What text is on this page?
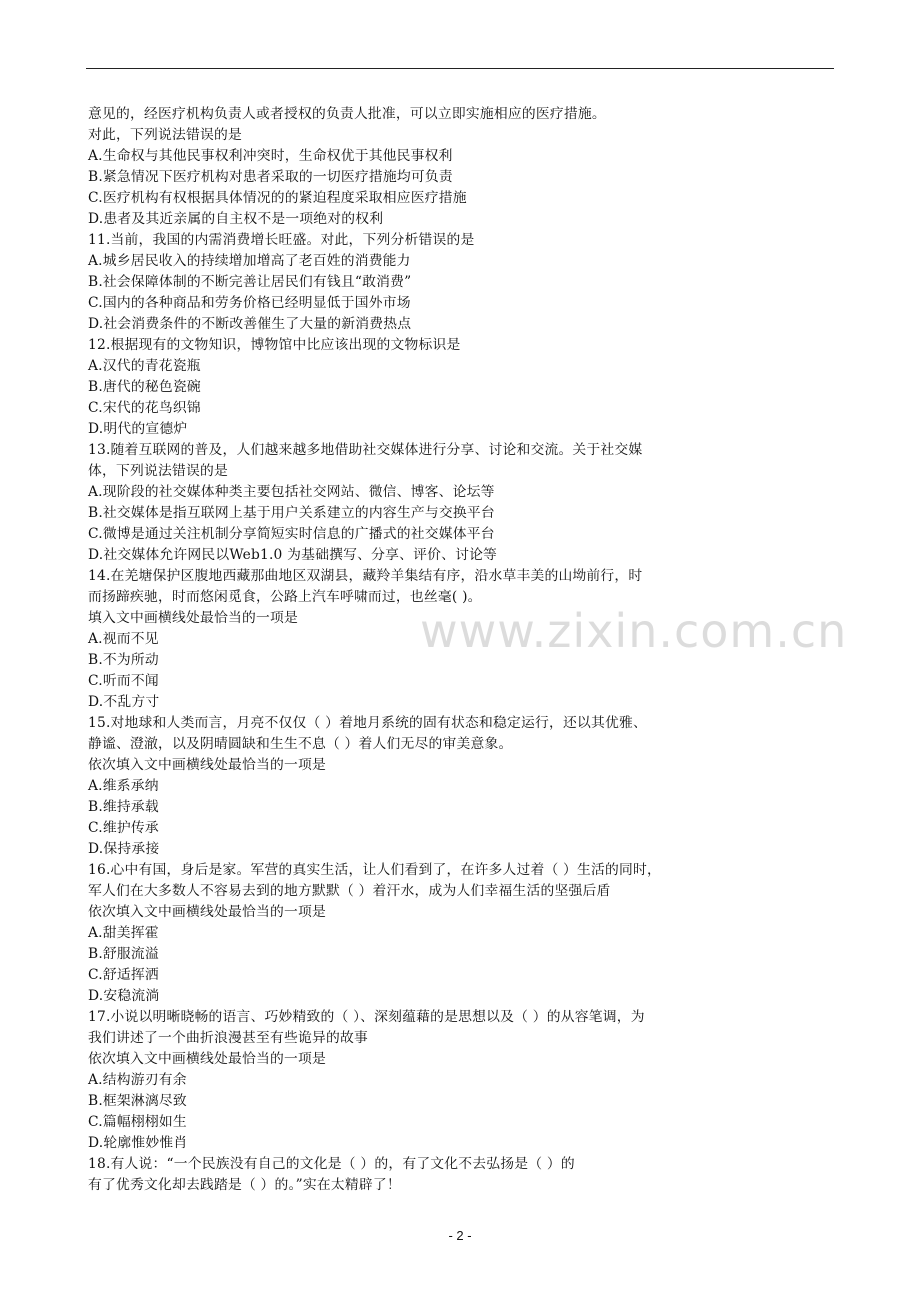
www.zixin.com.cn
意见的，经医疗机构负责人或者授权的负责人批准，可以立即实施相应的医疗措施。
对此，下列说法错误的是
A.生命权与其他民事权利冲突时，生命权优于其他民事权利
B.紧急情况下医疗机构对患者采取的一切医疗措施均可负责
C.医疗机构有权根据具体情况的的紧迫程度采取相应医疗措施
D.患者及其近亲属的自主权不是一项绝对的权利
11.当前，我国的内需消费增长旺盛。对此，下列分析错误的是
A.城乡居民收入的持续增加增高了老百姓的消费能力
B.社会保障体制的不断完善让居民们有钱且“敢消费”
C.国内的各种商品和劳务价格已经明显低于国外市场
D.社会消费条件的不断改善催生了大量的新消费热点
12.根据现有的文物知识，博物馆中比应该出现的文物标识是
A.汉代的青花瓷瓶
B.唐代的秘色瓷碗
C.宋代的花鸟织锦
D.明代的宣德炉
13.随着互联网的普及，人们越来越多地借助社交媒体进行分享、讨论和交流。关于社交媒
体，下列说法错误的是
A.现阶段的社交媒体种类主要包括社交网站、微信、博客、论坛等
B.社交媒体是指互联网上基于用户关系建立的内容生产与交换平台
C.微博是通过关注机制分享简短实时信息的广播式的社交媒体平台
D.社交媒体允许网民以Web1.0 为基础撰写、分享、评价、讨论等
14.在羌塘保护区腹地西藏那曲地区双湖县，藏羚羊集结有序，沿水草丰美的山坳前行，时
而扬蹄疾驰，时而悠闲觅食，公路上汽车呼啸而过，也丝毫( )。
填入文中画横线处最恰当的一项是
A.视而不见
B.不为所动
C.听而不闻
D.不乱方寸
15.对地球和人类而言，月亮不仅仅（ ）着地月系统的固有状态和稳定运行，还以其优雅、
静谧、澄澈，以及阴晴圆缺和生生不息（ ）着人们无尽的审美意象。
依次填入文中画横线处最恰当的一项是
A.维系承纳
B.维持承载
C.维护传承
D.保持承接
16.心中有国，身后是家。军营的真实生活，让人们看到了，在许多人过着（ ）生活的同时，
军人们在大多数人不容易去到的地方默默（ ）着汗水，成为人们幸福生活的坚强后盾
依次填入文中画横线处最恰当的一项是
A.甜美挥霍
B.舒服流溢
C.舒适挥洒
D.安稳流淌
17.小说以明晰晓畅的语言、巧妙精致的（ ）、深刻蕴藉的是思想以及（ ）的从容笔调，为
我们讲述了一个曲折浪漫甚至有些诡异的故事
依次填入文中画横线处最恰当的一项是
A.结构游刃有余
B.框架淋漓尽致
C.篇幅栩栩如生
D.轮廓惟妙惟肖
18.有人说：“一个民族没有自己的文化是（ ）的，有了文化不去弘扬是（ ）的
有了优秀文化却去践踏是（ ）的。”实在太精辟了！
- 2 -
